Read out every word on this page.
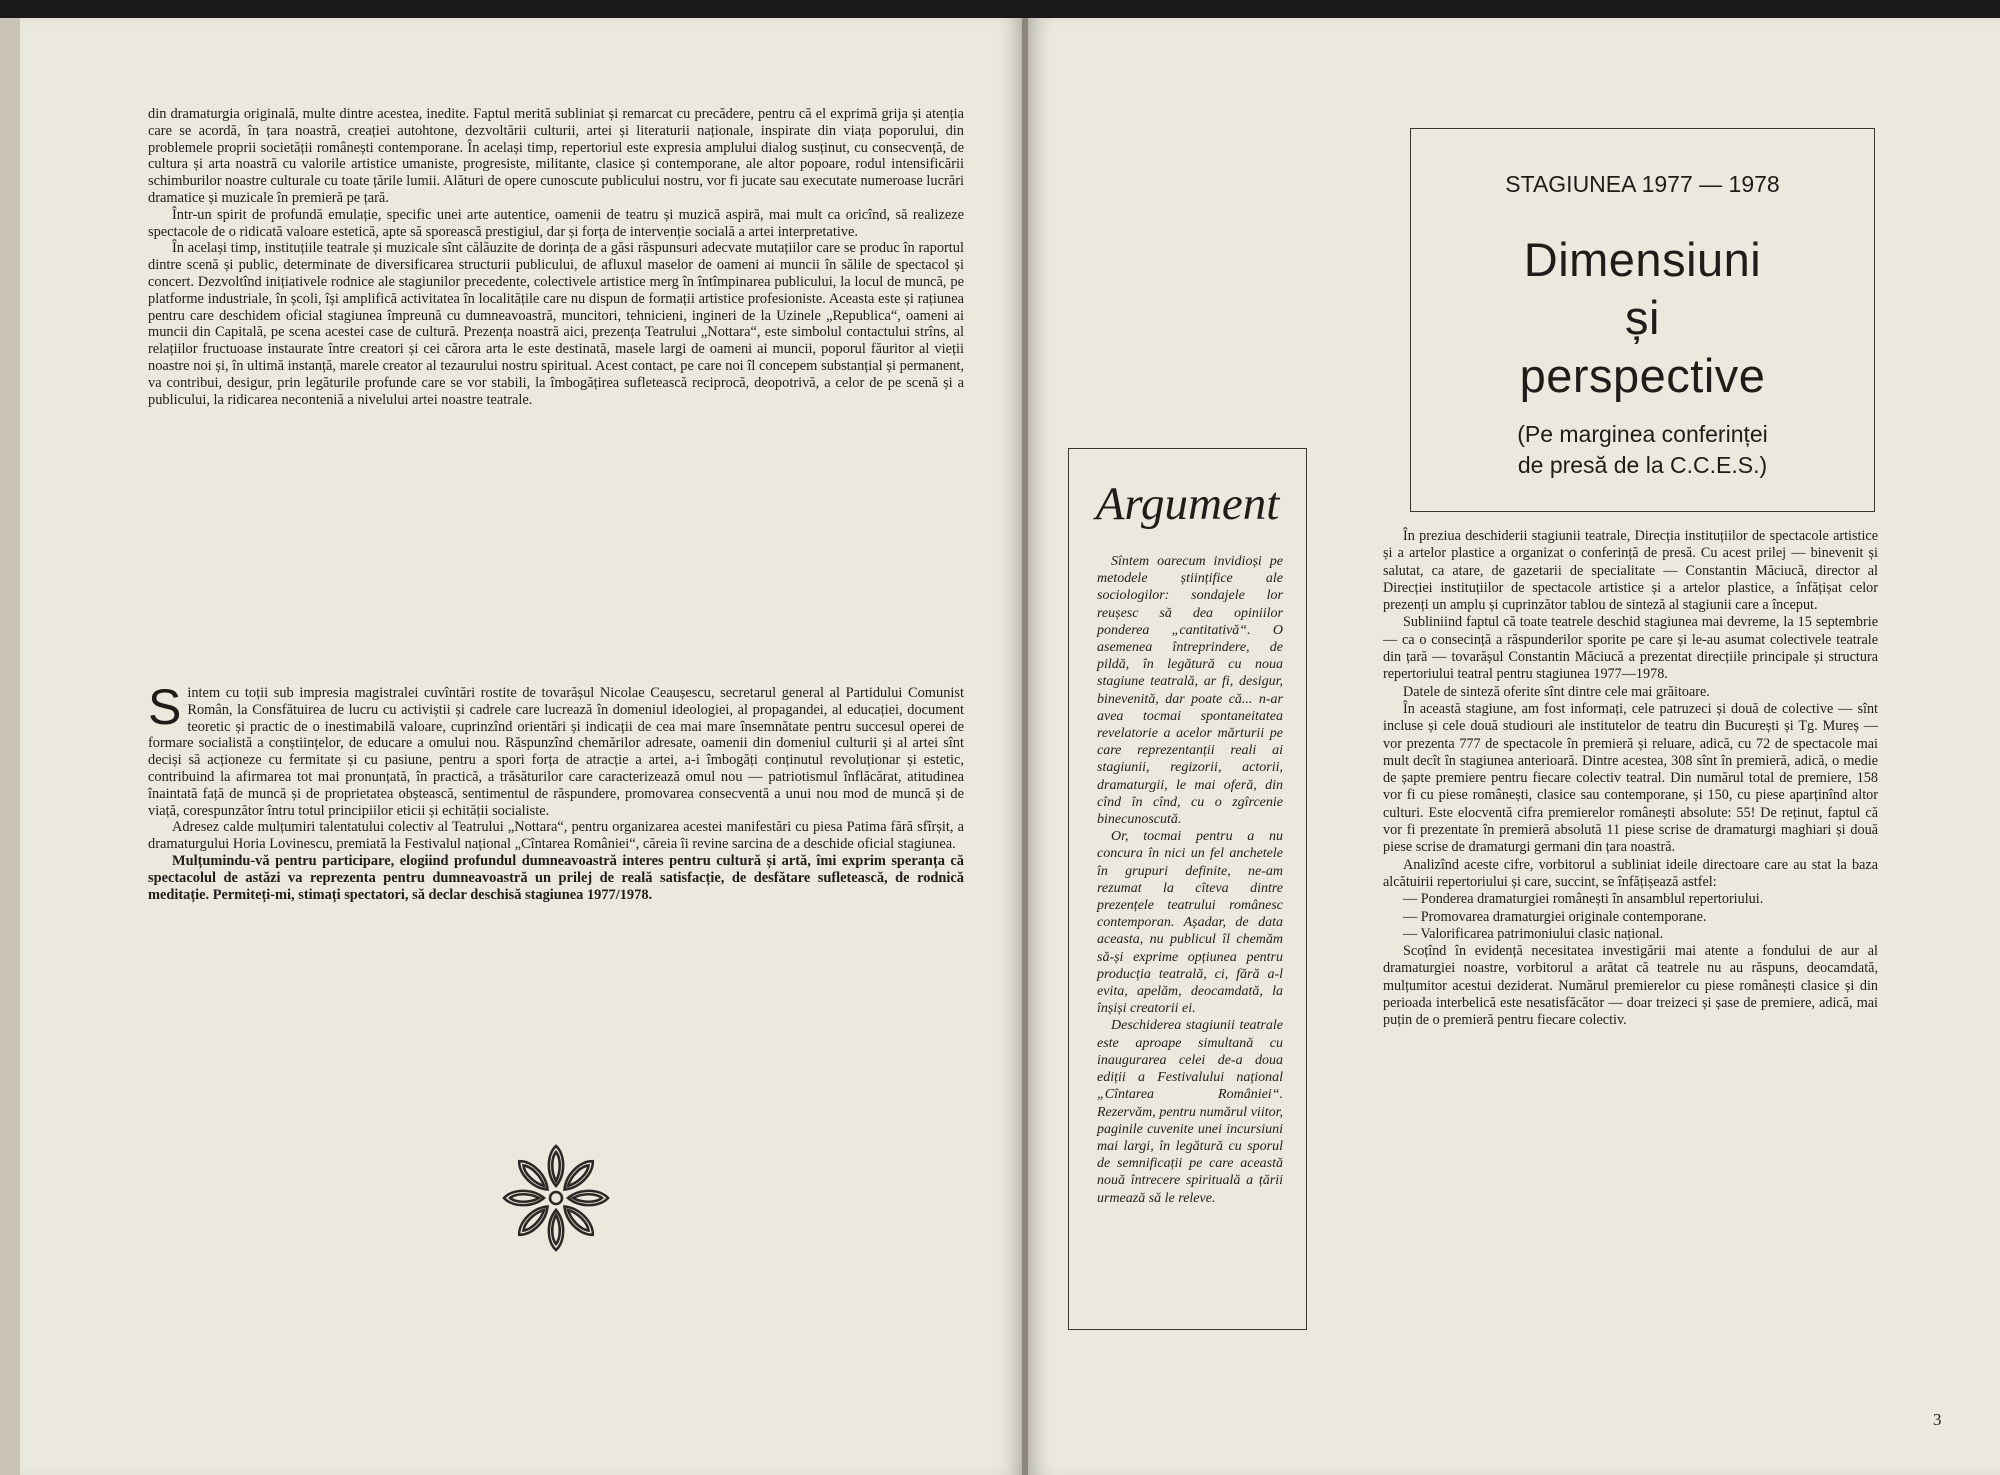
din dramaturgia originală, multe dintre acestea, inedite. Faptul merită subliniat și remarcat cu precădere, pentru că el exprimă grija și atenția care se acordă, în țara noastră, creației autohtone, dezvoltării culturii, artei și literaturii naționale, inspirate din viața poporului, din problemele proprii societății românești contemporane. În același timp, repertoriul este expresia amplului dialog susținut, cu consecvență, de cultura și arta noastră cu valorile artistice umaniste, progresiste, militante, clasice și contemporane, ale altor popoare, rodul intensificării schimburilor noastre culturale cu toate țările lumii. Alături de opere cunoscute publicului nostru, vor fi jucate sau executate numeroase lucrări dramatice și muzicale în premieră pe țară.

Într-un spirit de profundă emulație, specific unei arte autentice, oamenii de teatru și muzică aspiră, mai mult ca oricînd, să realizeze spectacole de o ridicată valoare estetică, apte să sporească prestigiul, dar și forța de intervenție socială a artei interpretative.

În același timp, instituțiile teatrale și muzicale sînt călăuzite de dorința de a găsi răspunsuri adecvate mutațiilor care se produc în raportul dintre scenă și public, determinate de diversificarea structurii publicului, de afluxul maselor de oameni ai muncii în sălile de spectacol și concert. Dezvoltînd inițiativele rodnice ale stagiunilor precedente, colectivele artistice merg în întîmpinarea publicului, la locul de muncă, pe platforme industriale, în școli, își amplifică activitatea în localitățile care nu dispun de formații artistice profesioniste. Aceasta este și rațiunea pentru care deschidem oficial stagiunea împreună cu dumneavoastră, muncitori, tehnicieni, ingineri de la Uzinele „Republica“, oameni ai muncii din Capitală, pe scena acestei case de cultură. Prezența noastră aici, prezența Teatrului „Nottara“, este simbolul contactului strîns, al relațiilor fructuoase instaurate între creatori și cei cărora arta le este destinată, masele largi de oameni ai muncii, poporul făuritor al vieții noastre noi și, în ultimă instanță, marele creator al tezaurului nostru spiritual. Acest contact, pe care noi îl concepem substanțial și permanent, va contribui, desigur, prin legăturile profunde care se vor stabili, la îmbogățirea sufletească reciprocă, deopotrivă, a celor de pe scenă și a publicului, la ridicarea neconteniă a nivelului artei noastre teatrale.

Sintem cu toții sub impresia magistralei cuvîntări rostite de tovarășul Nicolae Ceaușescu, secretarul general al Partidului Comunist Român, la Consfătuirea de lucru cu activiștii și cadrele care lucrează în domeniul ideologiei, al propagandei, al educației, document teoretic și practic de o inestimabilă valoare, cuprinzînd orientări și indicații de cea mai mare însemnătate pentru succesul operei de formare socialistă a conștiințelor, de educare a omului nou. Răspunzînd chemărilor adresate, oamenii din domeniul culturii și al artei sînt deciși să acționeze cu fermitate și cu pasiune, pentru a spori forța de atracție a artei, a-i îmbogăți conținutul revoluționar și estetic, contribuind la afirmarea tot mai pronunțată, în practică, a trăsăturilor care caracterizează omul nou — patriotismul înflăcărat, atitudinea înaintată față de muncă și de proprietatea obștească, sentimentul de răspundere, promovarea consecventă a unui nou mod de muncă și de viață, corespunzător întru totul principiilor eticii și echității socialiste.

Adresez calde mulțumiri talentatului colectiv al Teatrului „Nottara“, pentru organizarea acestei manifestări cu piesa Patima fără sfîrșit, a dramaturgului Horia Lovinescu, premiată la Festivalul național „Cîntarea României“, căreia îi revine sarcina de a deschide oficial stagiunea.

Mulțumindu-vă pentru participare, elogiind profundul dumneavoastră interes pentru cultură și artă, îmi exprim speranța că spectacolul de astăzi va reprezenta pentru dumneavoastră un prilej de reală satisfacție, de desfătare sufletească, de rodnică meditație. Permiteți-mi, stimați spectatori, să declar deschisă stagiunea 1977/1978.

STAGIUNEA 1977 — 1978
Dimensiuni
și
perspective
(Pe marginea conferinței
de presă de la C.C.E.S.)
Argument

Sîntem oarecum invidioși pe metodele științifice ale sociologilor: sondajele lor reușesc să dea opiniilor ponderea „cantitativă“. O asemenea întreprindere, de pildă, în legătură cu noua stagiune teatrală, ar fi, desigur, binevenită, dar poate că... n-ar avea tocmai spontaneitatea revelatorie a acelor mărturii pe care reprezentanții reali ai stagiunii, regizorii, actorii, dramaturgii, le mai oferă, din cînd în cînd, cu o zgîrcenie binecunoscută.

Or, tocmai pentru a nu concura în nici un fel anchetele în grupuri definite, ne-am rezumat la cîteva dintre prezențele teatrului românesc contemporan. Așadar, de data aceasta, nu publicul îl chemăm să-și exprime opțiunea pentru producția teatrală, ci, fără a-l evita, apelăm, deocamdată, la înșiși creatorii ei.

Deschiderea stagiunii teatrale este aproape simultană cu inaugurarea celei de-a doua ediții a Festivalului național „Cîntarea României“. Rezervăm, pentru numărul viitor, paginile cuvenite unei incursiuni mai largi, în legătură cu sporul de semnificații pe care această nouă întrecere spirituală a țării urmează să le releve.

În preziua deschiderii stagiunii teatrale, Direcția instituțiilor de spectacole artistice și a artelor plastice a organizat o conferință de presă. Cu acest prilej — binevenit și salutat, ca atare, de gazetarii de specialitate — Constantin Măciucă, director al Direcției instituțiilor de spectacole artistice și a artelor plastice, a înfățișat celor prezenți un amplu și cuprinzător tablou de sinteză al stagiunii care a început.

Subliniind faptul că toate teatrele deschid stagiunea mai devreme, la 15 septembrie — ca o consecință a răspunderilor sporite pe care și le-au asumat colectivele teatrale din țară — tovarășul Constantin Măciucă a prezentat direcțiile principale și structura repertoriului teatral pentru stagiunea 1977—1978.

Datele de sinteză oferite sînt dintre cele mai grăitoare.

În această stagiune, am fost informați, cele patruzeci și două de colective — sînt incluse și cele două studiouri ale institutelor de teatru din București și Tg. Mureș — vor prezenta 777 de spectacole în premieră și reluare, adică, cu 72 de spectacole mai mult decît în stagiunea anterioară. Dintre acestea, 308 sînt în premieră, adică, o medie de șapte premiere pentru fiecare colectiv teatral. Din numărul total de premiere, 158 vor fi cu piese românești, clasice sau contemporane, și 150, cu piese aparținînd altor culturi. Este elocventă cifra premierelor românești absolute: 55! De reținut, faptul că vor fi prezentate în premieră absolută 11 piese scrise de dramaturgi maghiari și două piese scrise de dramaturgi germani din țara noastră.

Analizînd aceste cifre, vorbitorul a subliniat ideile directoare care au stat la baza alcătuirii repertoriului și care, succint, se înfățișează astfel:

— Ponderea dramaturgiei românești în ansamblul repertoriului.

— Promovarea dramaturgiei originale contemporane.

— Valorificarea patrimoniului clasic național.

Scoțînd în evidență necesitatea investigării mai atente a fondului de aur al dramaturgiei noastre, vorbitorul a arătat că teatrele nu au răspuns, deocamdată, mulțumitor acestui deziderat. Numărul premierelor cu piese românești clasice și din perioada interbelică este nesatisfăcător — doar treizeci și șase de premiere, adică, mai puțin de o premieră pentru fiecare colectiv.

3
